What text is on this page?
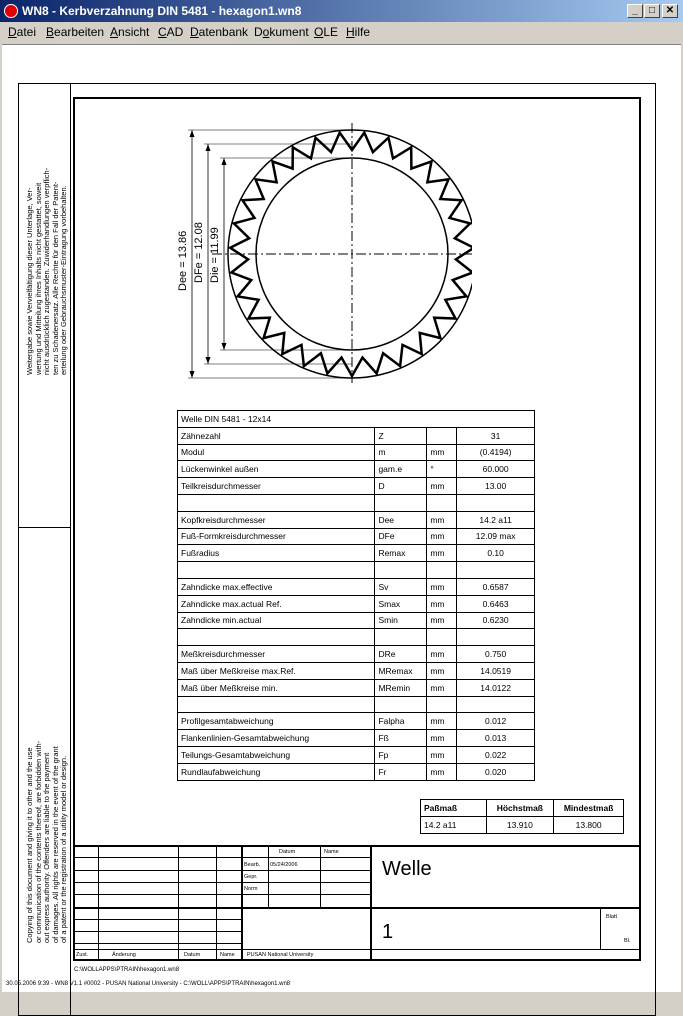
WN8 - Kerbverzahnung DIN 5481 - hexagon1.wn8	_	□	✕
Datei Bearbeiten Ansicht CAD Datenbank Dokument OLE Hilfe
Weitergabe sowie Vervielfältigung dieser Unterlage, Ver-
wertung und Mitteilung ihres Inhalts nicht gestattet, soweit
nicht ausdrücklich zugestanden. Zuwiderhandlungen verpflich-
ten zu Schadenersatz. Alle Rechte für den Fall der Patent-
erteilung oder Gebrauchsmuster-Eintragung vorbehalten.
Copying of this document and giving it to other and the use
or communication of the contents thereof, are forbidden with-
out express authority. Offenders are liable to the payment
of damages. All rights are reserved in the event of the grant
of a patent or the registration of a utility model or design.
Dee = 13.86 DFe = 12.08 Die = 11.99
Welle DIN 5481 - 12x14			
Zähnezahl	Z		31
Modul	m	mm	(0.4194)
Lückenwinkel außen	gam.e	°	60.000
Teilkreisdurchmesser	D	mm	13.00

Kopfkreisdurchmesser	Dee	mm	14.2 a11
Fuß-Formkreisdurchmesser	DFe	mm	12.09 max
Fußradius	Remax	mm	0.10

Zahndicke max.effective	Sv	mm	0.6587
Zahndicke max.actual Ref.	Smax	mm	0.6463
Zahndicke min.actual	Smin	mm	0.6230

Meßkreisdurchmesser	DRe	mm	0.750
Maß über Meßkreise max.Ref.	MRemax	mm	14.0519
Maß über Meßkreise min.	MRemin	mm	14.0122

Profilgesamtabweichung	Falpha	mm	0.012
Flankenlinien-Gesamtabweichung	Fß	mm	0.013
Teilungs-Gesamtabweichung	Fp	mm	0.022
Rundlaufabweichung	Fr	mm	0.020
Paßmaß	Höchstmaß	Mindestmaß
14.2 a11	13.910	13.800
Datum	Name
Bearb. 05/24/2006
Gepr.
Norm
Welle
1
Blatt
Bl.
Zust.	Änderung	Datum	Name PUSAN National University
C:\WOLLAPPS\PTRAIN\hexagon1.wn8
30.05.2006 9:39 - WN8 V1.1 #0002 - PUSAN National University - C:\WOLL\APPS\PTRAIN\hexagon1.wn8
